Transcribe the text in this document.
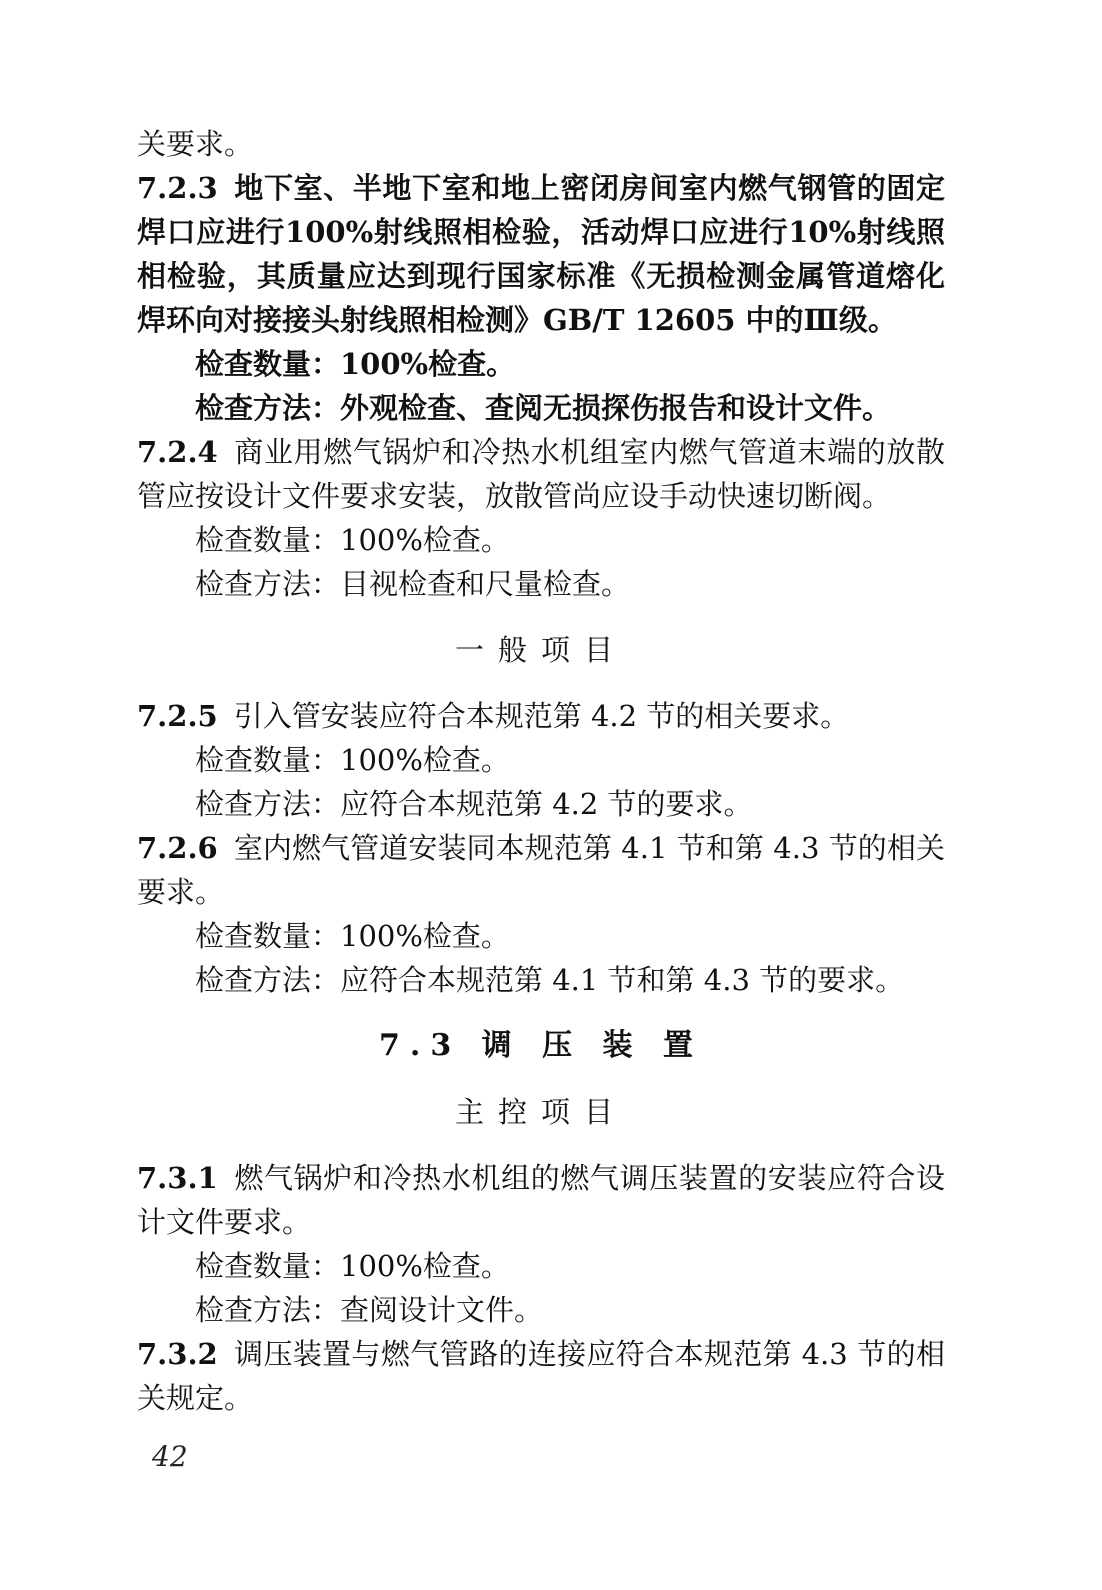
关要求。

7.2.3 地下室、半地下室和地上密闭房间室内燃气钢管的固定焊口应进行100%射线照相检验，活动焊口应进行10%射线照相检验，其质量应达到现行国家标准《无损检测金属管道熔化焊环向对接接头射线照相检测》GB/T 12605 中的Ⅲ级。

检查数量：100%检查。

检查方法：外观检查、查阅无损探伤报告和设计文件。

7.2.4 商业用燃气锅炉和冷热水机组室内燃气管道末端的放散管应按设计文件要求安装，放散管尚应设手动快速切断阀。

检查数量：100%检查。

检查方法：目视检查和尺量检查。

一般项目

7.2.5 引入管安装应符合本规范第 4.2 节的相关要求。

检查数量：100%检查。

检查方法：应符合本规范第 4.2 节的要求。

7.2.6 室内燃气管道安装同本规范第 4.1 节和第 4.3 节的相关要求。

检查数量：100%检查。

检查方法：应符合本规范第 4.1 节和第 4.3 节的要求。

7.3 调 压 装 置
主控项目

7.3.1 燃气锅炉和冷热水机组的燃气调压装置的安装应符合设计文件要求。

检查数量：100%检查。

检查方法：查阅设计文件。

7.3.2 调压装置与燃气管路的连接应符合本规范第 4.3 节的相关规定。

42
